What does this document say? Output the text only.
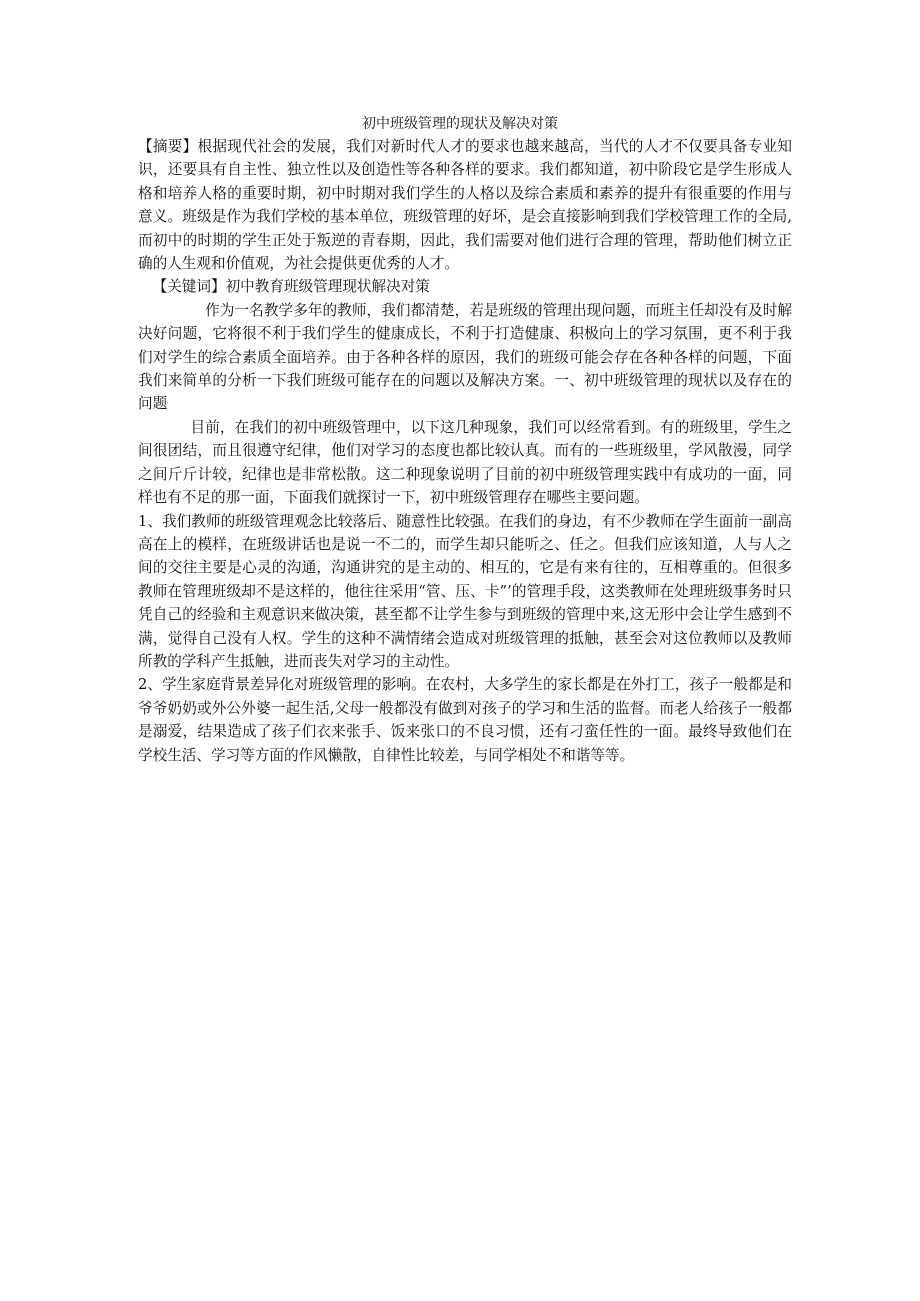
初中班级管理的现状及解决对策

【摘要】根据现代社会的发展，我们对新时代人才的要求也越来越高，当代的人才不仅要具备专业知识，还要具有自主性、独立性以及创造性等各种各样的要求。我们都知道，初中阶段它是学生形成人格和培养人格的重要时期，初中时期对我们学生的人格以及综合素质和素养的提升有很重要的作用与意义。班级是作为我们学校的基本单位，班级管理的好坏，是会直接影响到我们学校管理工作的全局,而初中的时期的学生正处于叛逆的青春期，因此，我们需要对他们进行合理的管理，帮助他们树立正确的人生观和价值观，为社会提供更优秀的人才。

【关键词】初中教育班级管理现状解决对策

作为一名教学多年的教师，我们都清楚，若是班级的管理出现问题，而班主任却没有及时解决好问题，它将很不利于我们学生的健康成长，不利于打造健康、积极向上的学习氛围，更不利于我们对学生的综合素质全面培养。由于各种各样的原因，我们的班级可能会存在各种各样的问题，下面我们来简单的分析一下我们班级可能存在的问题以及解决方案。一、初中班级管理的现状以及存在的问题

目前，在我们的初中班级管理中，以下这几种现象，我们可以经常看到。有的班级里，学生之间很团结，而且很遵守纪律，他们对学习的态度也都比较认真。而有的一些班级里，学风散漫，同学之间斤斤计较，纪律也是非常松散。这二种现象说明了目前的初中班级管理实践中有成功的一面，同样也有不足的那一面，下面我们就探讨一下，初中班级管理存在哪些主要问题。

1、我们教师的班级管理观念比较落后、随意性比较强。在我们的身边，有不少教师在学生面前一副高高在上的模样，在班级讲话也是说一不二的，而学生却只能听之、任之。但我们应该知道，人与人之间的交往主要是心灵的沟通，沟通讲究的是主动的、相互的，它是有来有往的，互相尊重的。但很多教师在管理班级却不是这样的，他往往采用“管、压、卡”’的管理手段，这类教师在处理班级事务时只凭自己的经验和主观意识来做决策，甚至都不让学生参与到班级的管理中来,这无形中会让学生感到不满，觉得自己没有人权。学生的这种不满情绪会造成对班级管理的抵触，甚至会对这位教师以及教师所教的学科产生抵触，进而丧失对学习的主动性。

2、学生家庭背景差异化对班级管理的影响。在农村，大多学生的家长都是在外打工，孩子一般都是和爷爷奶奶或外公外婆一起生活,父母一般都没有做到对孩子的学习和生活的监督。而老人给孩子一般都是溺爱，结果造成了孩子们衣来张手、饭来张口的不良习惯，还有刁蛮任性的一面。最终导致他们在学校生活、学习等方面的作风懒散，自律性比较差，与同学相处不和谐等等。
